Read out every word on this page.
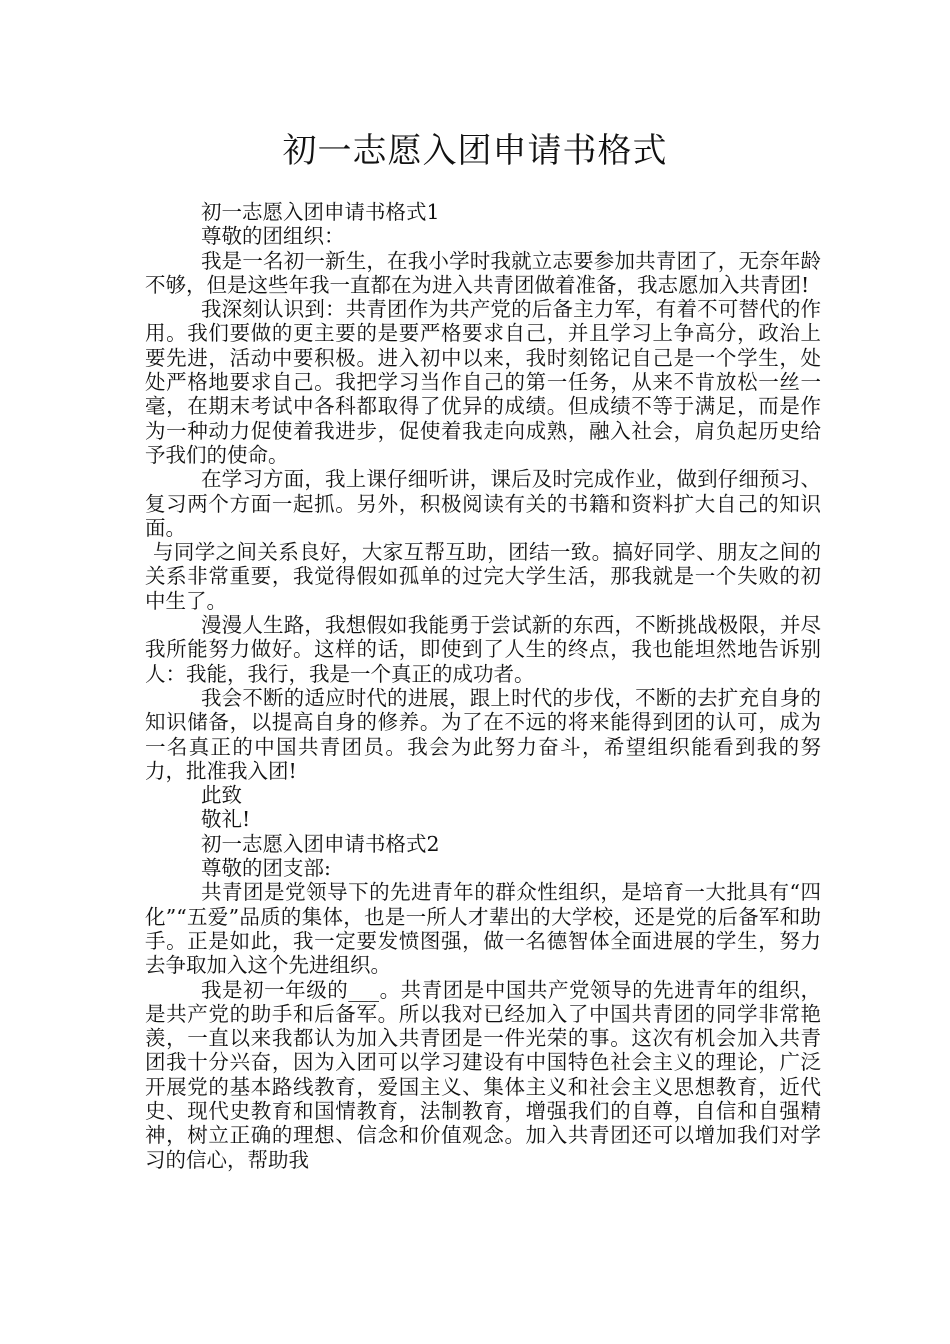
初一志愿入团申请书格式

初一志愿入团申请书格式1

尊敬的团组织：

我是一名初一新生，在我小学时我就立志要参加共青团了，无奈年龄不够，但是这些年我一直都在为进入共青团做着准备，我志愿加入共青团!

我深刻认识到：共青团作为共产党的后备主力军，有着不可替代的作用。我们要做的更主要的是要严格要求自己，并且学习上争高分，政治上要先进，活动中要积极。进入初中以来，我时刻铭记自己是一个学生，处处严格地要求自己。我把学习当作自己的第一任务，从来不肯放松一丝一毫，在期末考试中各科都取得了优异的成绩。但成绩不等于满足，而是作为一种动力促使着我进步，促使着我走向成熟，融入社会，肩负起历史给予我们的使命。

在学习方面，我上课仔细听讲，课后及时完成作业，做到仔细预习、复习两个方面一起抓。另外，积极阅读有关的书籍和资料扩大自己的知识面。

与同学之间关系良好，大家互帮互助，团结一致。搞好同学、朋友之间的关系非常重要，我觉得假如孤单的过完大学生活，那我就是一个失败的初中生了。

漫漫人生路，我想假如我能勇于尝试新的东西，不断挑战极限，并尽我所能努力做好。这样的话，即使到了人生的终点，我也能坦然地告诉别人：我能，我行，我是一个真正的成功者。

我会不断的适应时代的进展，跟上时代的步伐，不断的去扩充自身的知识储备，以提高自身的修养。为了在不远的将来能得到团的认可，成为一名真正的中国共青团员。我会为此努力奋斗，希望组织能看到我的努力，批准我入团!

此致

敬礼!

初一志愿入团申请书格式2

尊敬的团支部:

共青团是党领导下的先进青年的群众性组织，是培育一大批具有“四化”“五爱”品质的集体，也是一所人才辈出的大学校，还是党的后备军和助手。正是如此，我一定要发愤图强，做一名德智体全面进展的学生，努力去争取加入这个先进组织。

我是初一年级的___。共青团是中国共产党领导的先进青年的组织，是共产党的助手和后备军。所以我对已经加入了中国共青团的同学非常艳羡，一直以来我都认为加入共青团是一件光荣的事。这次有机会加入共青团我十分兴奋，因为入团可以学习建设有中国特色社会主义的理论，广泛开展党的基本路线教育，爱国主义、集体主义和社会主义思想教育，近代史、现代史教育和国情教育，法制教育，增强我们的自尊，自信和自强精神，树立正确的理想、信念和价值观念。加入共青团还可以增加我们对学习的信心，帮助我
